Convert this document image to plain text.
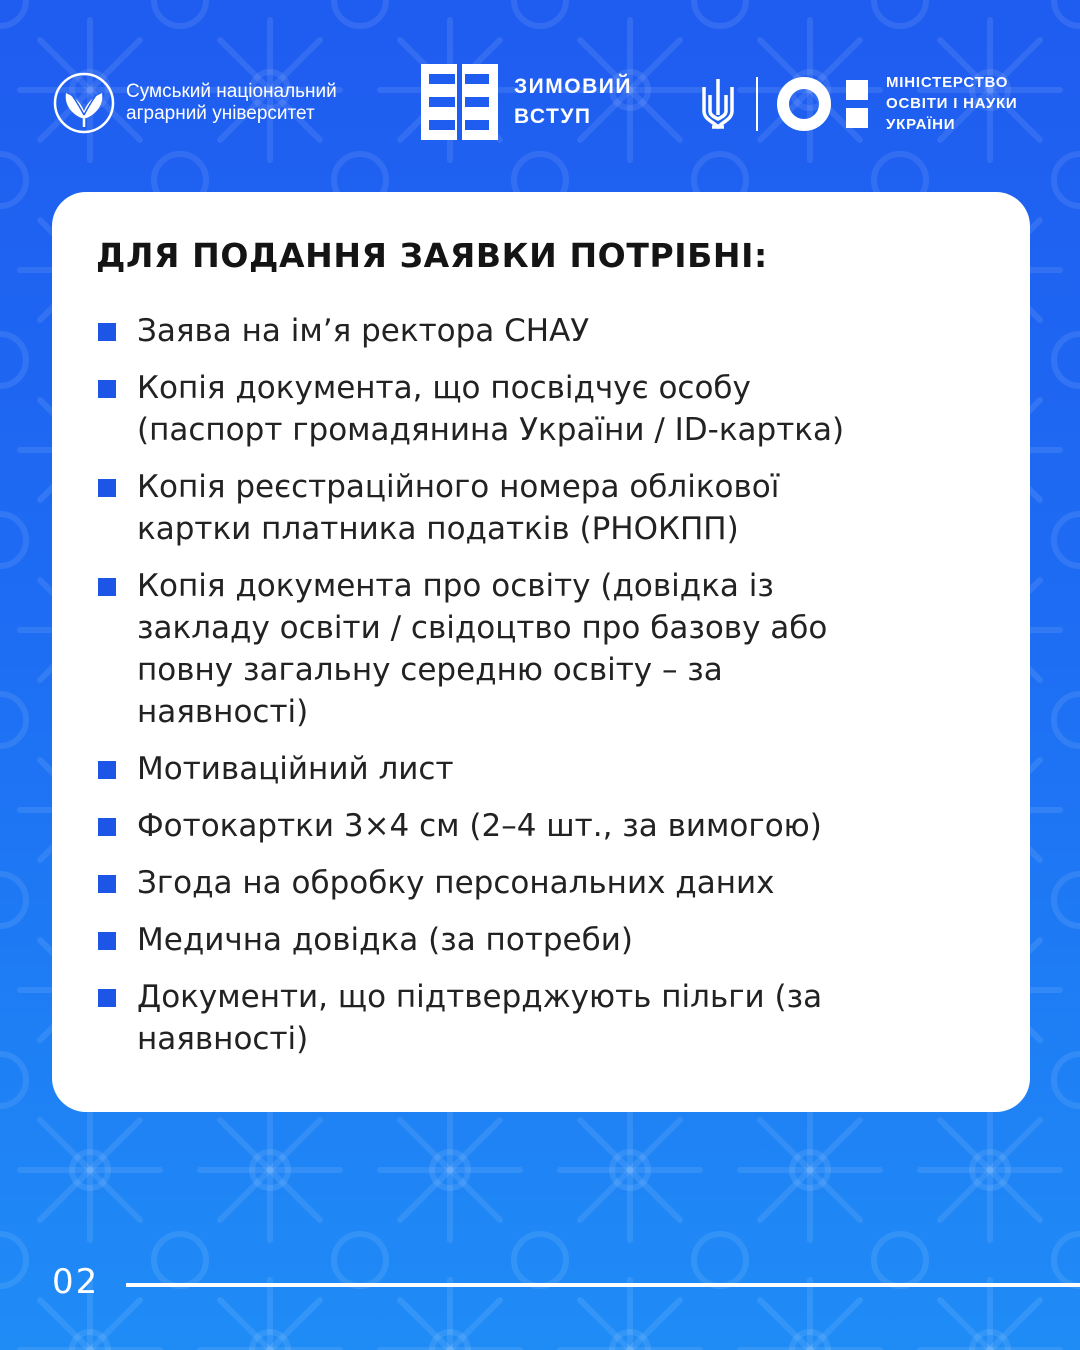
Сумський національний
аграрний університет
ЗИМОВИЙ
ВСТУП
МІНІСТЕРСТВО
ОСВІТИ І НАУКИ
УКРАЇНИ
ДЛЯ ПОДАННЯ ЗАЯВКИ ПОТРІБНІ:
Заява на ім’я ректора СНАУ
Копія документа, що посвідчує особу
(паспорт громадянина України / ID-картка)
Копія реєстраційного номера облікової
картки платника податків (РНОКПП)
Копія документа про освіту (довідка із
закладу освіти / свідоцтво про базову або
повну загальну середню освіту – за
наявності)
Мотиваційний лист
Фотокартки 3×4 см (2–4 шт., за вимогою)
Згода на обробку персональних даних
Медична довідка (за потреби)
Документи, що підтверджують пільги (за
наявності)
02
